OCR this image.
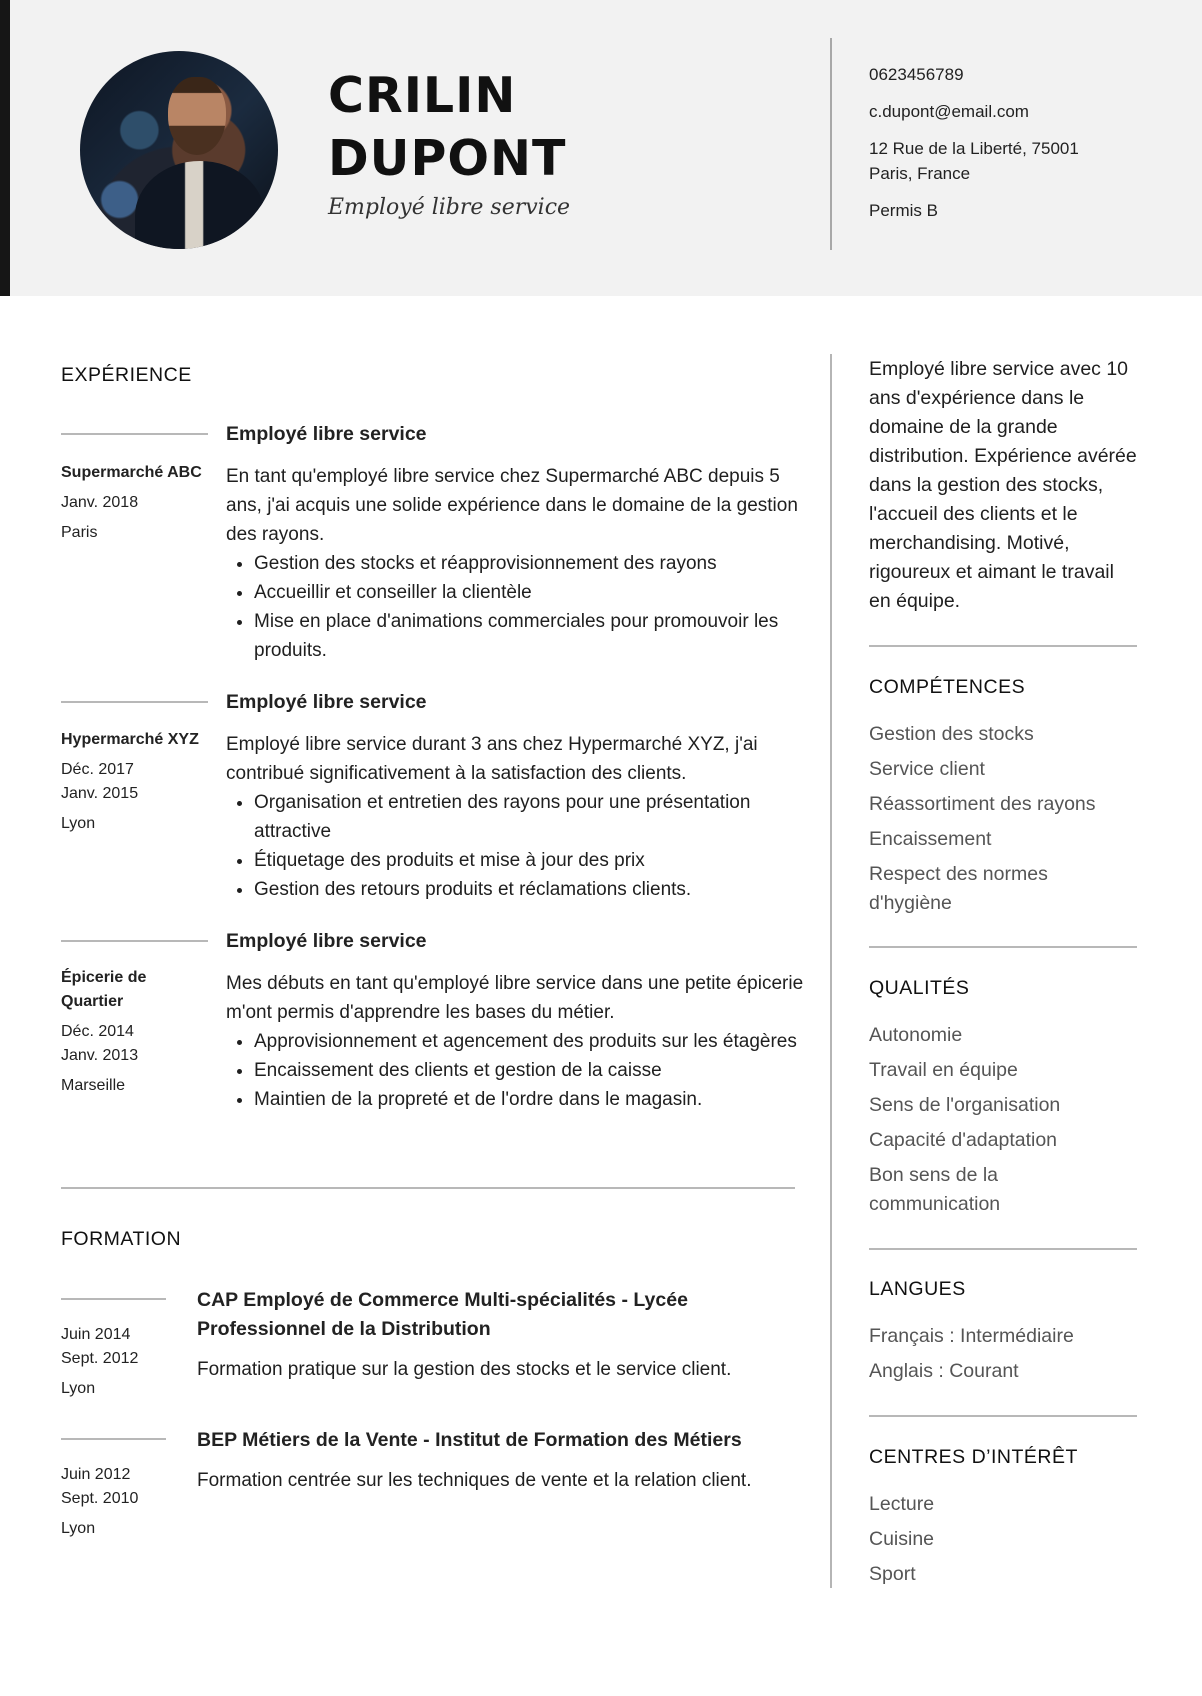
CRILIN
DUPONT
Employé libre service
0623456789
c.dupont@email.com
12 Rue de la Liberté, 75001 Paris, France
Permis B
EXPÉRIENCE
Employé libre service
Supermarché ABC
Janv. 2018
Paris
En tant qu'employé libre service chez Supermarché ABC depuis 5 ans, j'ai acquis une solide expérience dans le domaine de la gestion des rayons.
• Gestion des stocks et réapprovisionnement des rayons
• Accueillir et conseiller la clientèle
• Mise en place d'animations commerciales pour promouvoir les produits.
Employé libre service
Hypermarché XYZ
Déc. 2017
Janv. 2015
Lyon
Employé libre service durant 3 ans chez Hypermarché XYZ, j'ai contribué significativement à la satisfaction des clients.
• Organisation et entretien des rayons pour une présentation attractive
• Étiquetage des produits et mise à jour des prix
• Gestion des retours produits et réclamations clients.
Employé libre service
Épicerie de Quartier
Déc. 2014
Janv. 2013
Marseille
Mes débuts en tant qu'employé libre service dans une petite épicerie m'ont permis d'apprendre les bases du métier.
• Approvisionnement et agencement des produits sur les étagères
• Encaissement des clients et gestion de la caisse
• Maintien de la propreté et de l'ordre dans le magasin.
FORMATION
CAP Employé de Commerce Multi-spécialités - Lycée Professionnel de la Distribution
Juin 2014
Sept. 2012
Lyon
Formation pratique sur la gestion des stocks et le service client.
BEP Métiers de la Vente - Institut de Formation des Métiers
Juin 2012
Sept. 2010
Lyon
Formation centrée sur les techniques de vente et la relation client.
Employé libre service avec 10 ans d'expérience dans le domaine de la grande distribution. Expérience avérée dans la gestion des stocks, l'accueil des clients et le merchandising. Motivé, rigoureux et aimant le travail en équipe.
COMPÉTENCES
Gestion des stocks
Service client
Réassortiment des rayons
Encaissement
Respect des normes d'hygiène
QUALITÉS
Autonomie
Travail en équipe
Sens de l'organisation
Capacité d'adaptation
Bon sens de la communication
LANGUES
Français : Intermédiaire
Anglais : Courant
CENTRES D’INTÉRÊT
Lecture
Cuisine
Sport
